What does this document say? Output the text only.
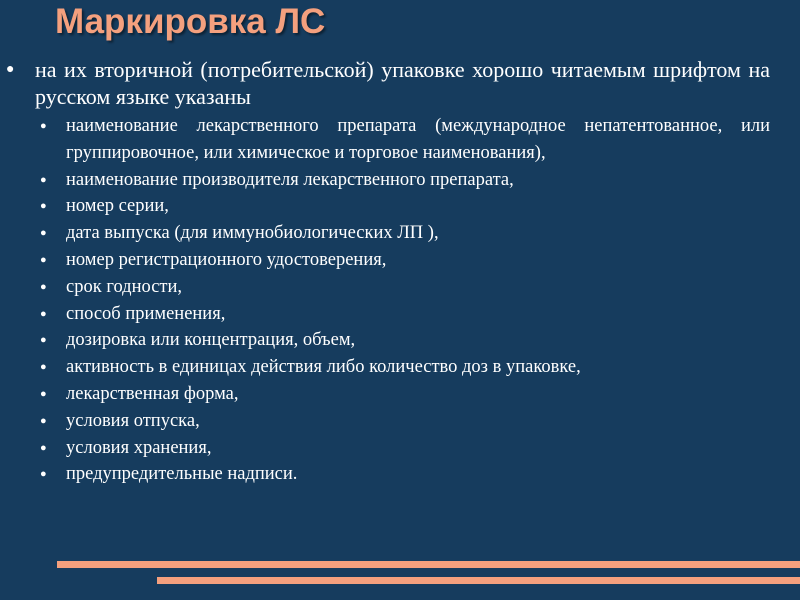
Маркировка ЛС
● на их вторичной (потребительской) упаковке хорошо читаемым шрифтом на русском языке указаны
● наименование лекарственного препарата (международное непатентованное, или группировочное, или химическое и торговое наименования),
● наименование производителя лекарственного препарата,
● номер серии,
● дата выпуска (для иммунобиологических ЛП ),
● номер регистрационного удостоверения,
● срок годности,
● способ применения,
● дозировка или концентрация, объем,
● активность в единицах действия либо количество доз в упаковке,
● лекарственная форма,
● условия отпуска,
● условия хранения,
● предупредительные надписи.
